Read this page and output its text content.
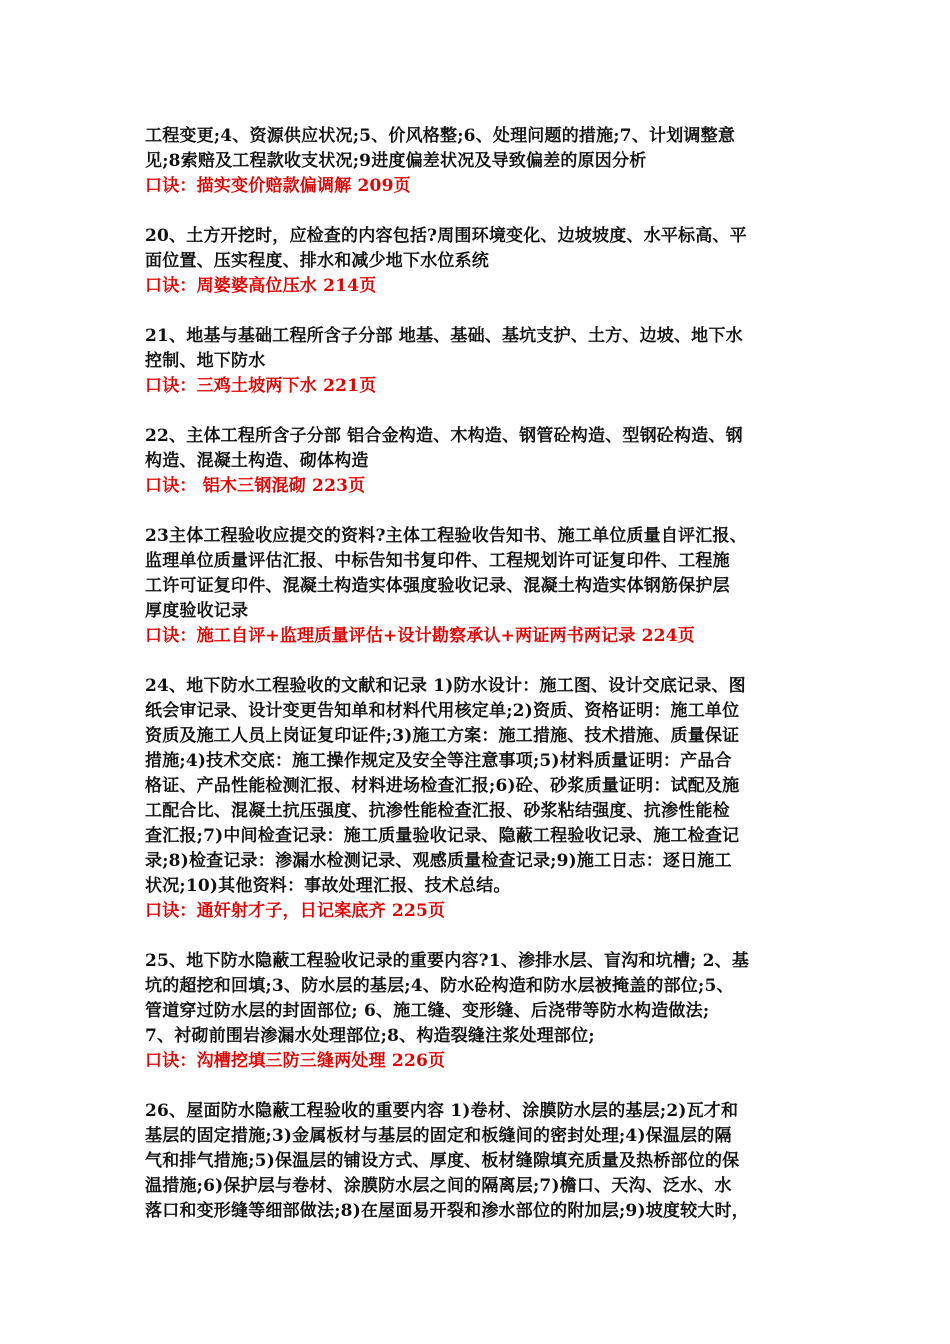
工程变更;4、资源供应状况;5、价风格整;6、处理问题的措施;7、计划调整意
见;8索赔及工程款收支状况;9进度偏差状况及导致偏差的原因分析
口诀：描实变价赔款偏调解 209页
20、土方开挖时，应检查的内容包括?周围环境变化、边坡坡度、水平标高、平
面位置、压实程度、排水和减少地下水位系统
口诀：周婆婆高位压水 214页
21、地基与基础工程所含子分部 地基、基础、基坑支护、土方、边坡、地下水
控制、地下防水
口诀：三鸡土坡两下水 221页
22、主体工程所含子分部 铝合金构造、木构造、钢管砼构造、型钢砼构造、钢
构造、混凝土构造、砌体构造
口诀： 铝木三钢混砌 223页
23主体工程验收应提交的资料?主体工程验收告知书、施工单位质量自评汇报、
监理单位质量评估汇报、中标告知书复印件、工程规划许可证复印件、工程施
工许可证复印件、混凝土构造实体强度验收记录、混凝土构造实体钢筋保护层
厚度验收记录
口诀：施工自评+监理质量评估+设计勘察承认+两证两书两记录 224页
24、地下防水工程验收的文献和记录 1)防水设计：施工图、设计交底记录、图
纸会审记录、设计变更告知单和材料代用核定单;2)资质、资格证明：施工单位
资质及施工人员上岗证复印证件;3)施工方案：施工措施、技术措施、质量保证
措施;4)技术交底：施工操作规定及安全等注意事项;5)材料质量证明：产品合
格证、产品性能检测汇报、材料进场检查汇报;6)砼、砂浆质量证明：试配及施
工配合比、混凝土抗压强度、抗渗性能检查汇报、砂浆粘结强度、抗渗性能检
查汇报;7)中间检查记录：施工质量验收记录、隐蔽工程验收记录、施工检查记
录;8)检查记录：渗漏水检测记录、观感质量检查记录;9)施工日志：逐日施工
状况;10)其他资料：事故处理汇报、技术总结。
口诀：通奸射才子，日记案底齐 225页
25、地下防水隐蔽工程验收记录的重要内容?1、渗排水层、盲沟和坑槽; 2、基
坑的超挖和回填;3、防水层的基层;4、防水砼构造和防水层被掩盖的部位;5、
管道穿过防水层的封固部位; 6、施工缝、变形缝、后浇带等防水构造做法;
7、衬砌前围岩渗漏水处理部位;8、构造裂缝注浆处理部位;
口诀：沟槽挖填三防三缝两处理 226页
26、屋面防水隐蔽工程验收的重要内容 1)卷材、涂膜防水层的基层;2)瓦才和
基层的固定措施;3)金属板材与基层的固定和板缝间的密封处理;4)保温层的隔
气和排气措施;5)保温层的铺设方式、厚度、板材缝隙填充质量及热桥部位的保
温措施;6)保护层与卷材、涂膜防水层之间的隔离层;7)檐口、天沟、泛水、水
落口和变形缝等细部做法;8)在屋面易开裂和渗水部位的附加层;9)坡度较大时，
